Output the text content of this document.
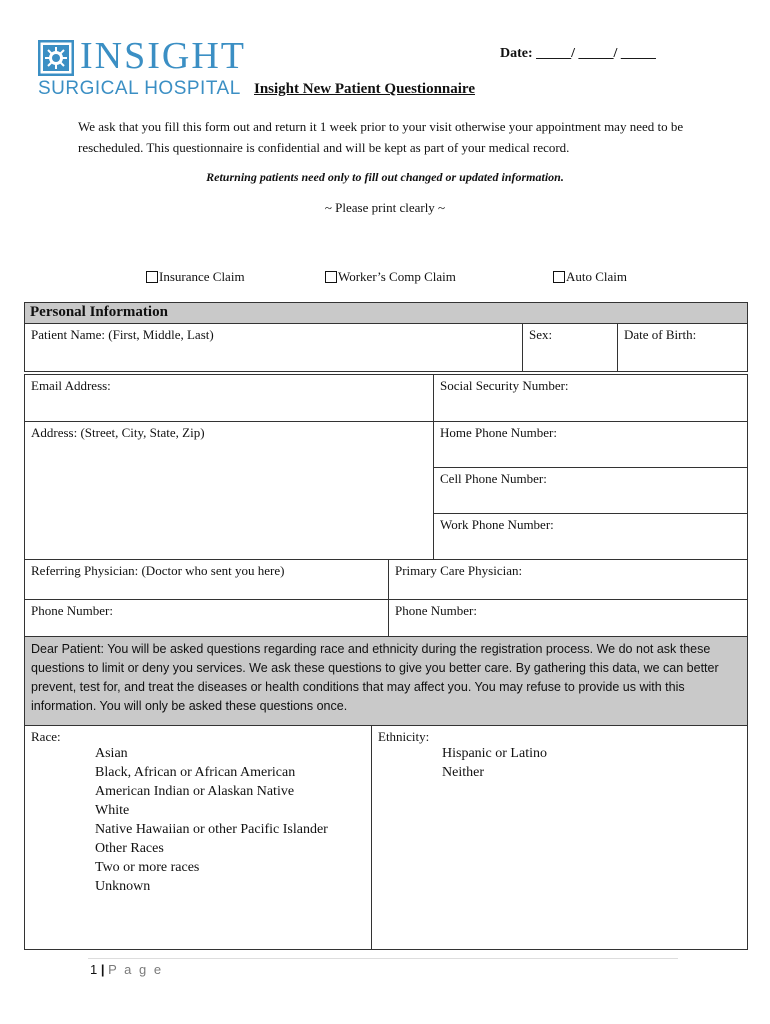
INSIGHT
SURGICAL HOSPITAL
Date: _____/ _____/ _____
Insight New Patient Questionnaire
We ask that you fill this form out and return it 1 week prior to your visit otherwise your appointment may need to be rescheduled. This questionnaire is confidential and will be kept as part of your medical record.
Returning patients need only to fill out changed or updated information.
~ Please print clearly ~
Insurance Claim	Worker’s Comp Claim	Auto Claim
Personal Information
Patient Name: (First, Middle, Last)	Sex:	Date of Birth:
Email Address:	Social Security Number:
Address: (Street, City, State, Zip)	Home Phone Number:
Cell Phone Number:
Work Phone Number:
Referring Physician: (Doctor who sent you here)	Primary Care Physician:
Phone Number:	Phone Number:
Dear Patient: You will be asked questions regarding race and ethnicity during the registration process. We do not ask these questions to limit or deny you services. We ask these questions to give you better care. By gathering this data, we can better prevent, test for, and treat the diseases or health conditions that may affect you. You may refuse to provide us with this information. You will only be asked these questions once.
Race:
Asian
Black, African or African American
American Indian or Alaskan Native
White
Native Hawaiian or other Pacific Islander
Other Races
Two or more races
Unknown
Ethnicity:
Hispanic or Latino
Neither
1 | P a g e
